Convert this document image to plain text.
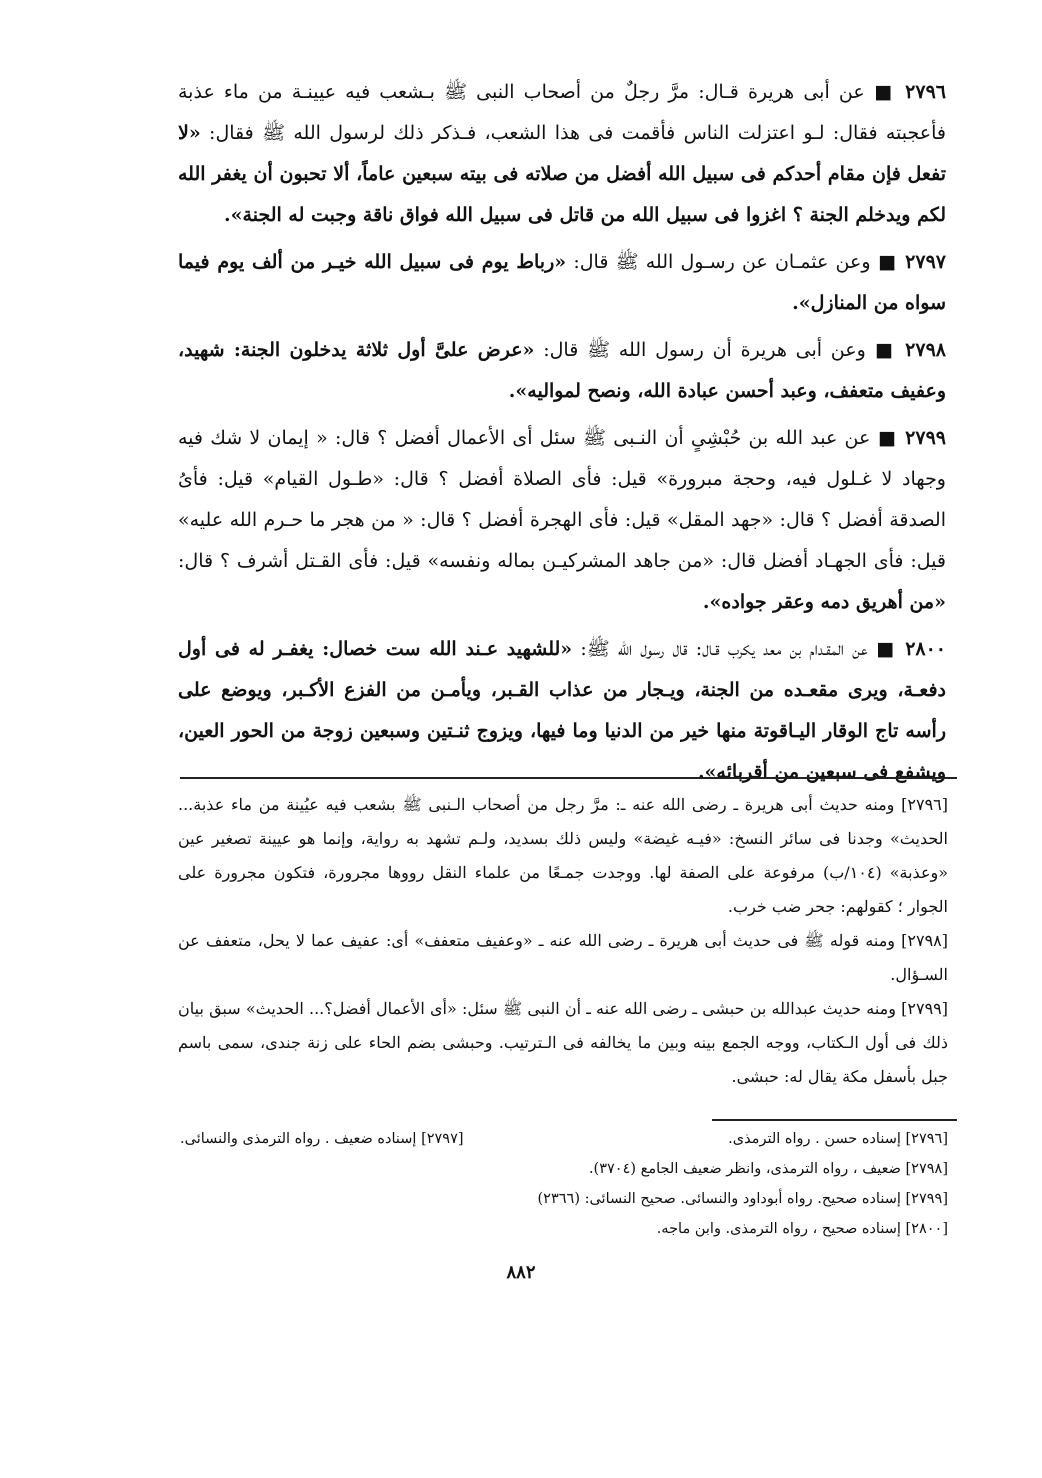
٢٧٩٦ ■ عن أبى هريرة قـال: مرَّ رجلٌ من أصحاب النبى ﷺ بـشعب فيه عيينـة من ماء عذبة فأعجبته فقال: لـو اعتزلت الناس فأقمت فى هذا الشعب، فـذكر ذلك لرسول الله ﷺ فقال: «لا تفعل فإن مقام أحدكم فى سبيل الله أفضل من صلاته فى بيته سبعين عاماً، ألا تحبون أن يغفر الله لكم ويدخلم الجنة ؟ اغزوا فى سبيل الله من قاتل فى سبيل الله فواق ناقة وجبت له الجنة».

٢٧٩٧ ■ وعن عثمـان عن رسـول الله ﷺ قال: «رباط يوم فى سبيل الله خيـر من ألف يوم فيما سواه من المنازل».

٢٧٩٨ ■ وعن أبى هريرة أن رسول الله ﷺ قال: «عرض علىَّ أول ثلاثة يدخلون الجنة: شهيد، وعفيف متعفف، وعبد أحسن عبادة الله، ونصح لمواليه».

٢٧٩٩ ■ عن عبد الله بن حُبْشِىٍ أن النـبى ﷺ سئل أى الأعمال أفضل ؟ قال: « إيمان لا شك فيه وجهاد لا غـلول فيه، وحجة مبرورة» قيل: فأى الصلاة أفضل ؟ قال: «طـول القيام» قيل: فأىُ الصدقة أفضل ؟ قال: «جهد المقل» قيل: فأى الهجرة أفضل ؟ قال: « من هجر ما حـرم الله عليه» قيل: فأى الجهـاد أفضل قال: «من جاهد المشركيـن بماله ونفسه» قيل: فأى القـتل أشرف ؟ قال: «من أهريق دمه وعقر جواده».

٢٨٠٠ ■ عن المقـدام بن معد يكرب قـال: قال رسول الله ﷺ: «للشهيد عـند الله ست خصال: يغفـر له فى أول دفعـة، ويرى مقعـده من الجنة، ويـجار من عذاب القـبر، ويأمـن من الفزع الأكـبر، ويوضع على رأسه تاج الوقار اليـاقوتة منها خير من الدنيا وما فيها، ويزوج ثنـتين وسبعين زوجة من الحور العين، ويشفع فى سبعين من أقربائه».

[٢٧٩٦] ومنه حديث أبى هريرة ـ رضى الله عنه ـ: مرَّ رجل من أصحاب الـنبى ﷺ بشعب فيه عيُينة من ماء عذبة... الحديث» وجدنا فى سائر النسخ: «فيـه غيضة» وليس ذلك بسديد، ولـم تشهد به رواية، وإنما هو عيينة تصغير عين «وعذبة» (١٠٤/ب) مرفوعة على الصفة لها. ووجدت جمـعًا من علماء النقل رووها مجرورة، فتكون مجرورة على الجوار ؛ كقولهم: جحر ضب خرب.

[٢٧٩٨] ومنه قوله ﷺ فى حديث أبى هريرة ـ رضى الله عنه ـ «وعفيف متعفف» أى: عفيف عما لا يحل، متعفف عن السـؤال.

[٢٧٩٩] ومنه حديث عبدالله بن حبشى ـ رضى الله عنه ـ أن النبى ﷺ سئل: «أى الأعمال أفضل؟... الحديث» سبق بيان ذلك فى أول الـكتاب، ووجه الجمع بينه وبين ما يخالفه فى الـترتيب. وحبشى بضم الحاء على زنة جندى، سمى باسم جبل بأسفل مكة يقال له: حبشى.

[٢٧٩٦] إسناده حسن . رواه الترمذى.
[٢٧٩٧] إسناده ضعيف . رواه الترمذى والنسائى.
[٢٧٩٨] ضعيف ، رواه الترمذى، وانظر ضعيف الجامع (٣٧٠٤).
[٢٧٩٩] إسناده صحيح. رواه أبوداود والنسائى. صحيح النسائى: (٢٣٦٦)
[٢٨٠٠] إسناده صحيح ، رواه الترمذى. وابن ماجه.
٨٨٢
